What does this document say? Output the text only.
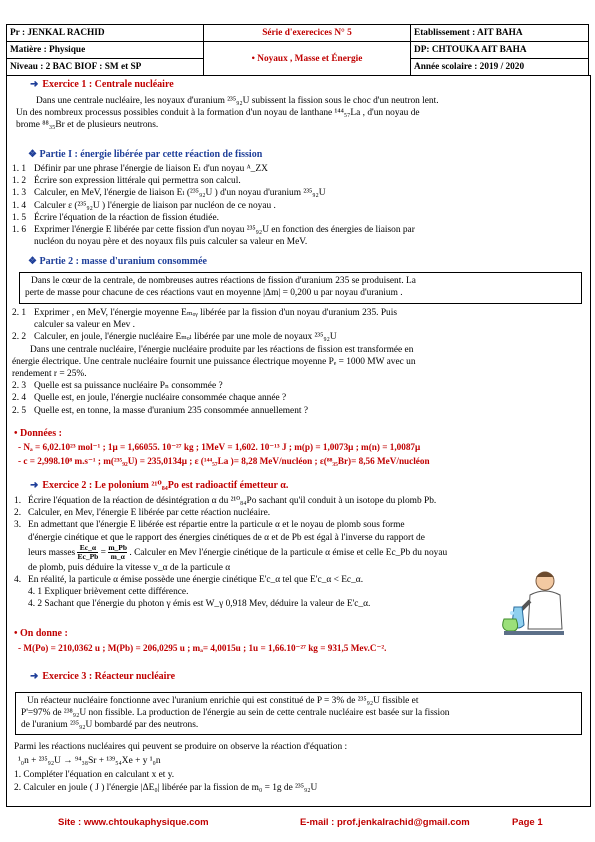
Pr : JENKAL RACHID	Série d'exerecices N° 5	Etablissement : AIT BAHA
Matière : Physique	• Noyaux , Masse et Énergie	DP: CHTOUKA AIT BAHA
Niveau : 2 BAC BIOF : SM et SP		Année scolaire : 2019 / 2020
➜ Exercice 1 : Centrale nucléaire
Dans une centrale nucléaire, les noyaux d'uranium ²³⁵₉₂U subissent la fission sous le choc d'un neutron lent.
Un des nombreux processus possibles conduit à la formation d'un noyau de lanthane ¹⁴⁴₅₇La , d'un noyau de
brome ⁸⁸₃₅Br et de plusieurs neutrons.
❖ Partie I : énergie libérée par cette réaction de fission
1. 1 Définir par une phrase l'énergie de liaison Eₗ d'un noyau ᴬ_ZX
1. 2 Écrire son expression littérale qui permettra son calcul.
1. 3 Calculer, en MeV, l'énergie de liaison Eₗ (²³⁵₉₂U ) d'un noyau d'uranium ²³⁵₉₂U
1. 4 Calculer ε (²³⁵₉₂U ) l'énergie de liaison par nucléon de ce noyau .
1. 5 Écrire l'équation de la réaction de fission étudiée.
1. 6 Exprimer l'énergie E libérée par cette fission d'un noyau ²³⁵₉₂U en fonction des énergies de liaison par
nucléon du noyau père et des noyaux fils puis calculer sa valeur en MeV.
❖ Partie 2 : masse d'uranium consommée
Dans le cœur de la centrale, de nombreuses autres réactions de fission d'uranium 235 se produisent. La
perte de masse pour chacune de ces réactions vaut en moyenne |Δm| = 0,200 u par noyau d'uranium .
2. 1 Exprimer , en MeV, l'énergie moyenne Eₘₒᵧ libérée par la fission d'un noyau d'uranium 235. Puis
calculer sa valeur en Mev .
2. 2 Calculer, en joule, l'énergie nucléaire Eₘₒₗ libérée par une mole de noyaux ²³⁵₉₂U
Dans une centrale nucléaire, l'énergie nucléaire produite par les réactions de fission est transformée en
énergie électrique. Une centrale nucléaire fournit une puissance électrique moyenne Pₑ = 1000 MW avec un
rendement r = 25%.
2. 3 Quelle est sa puissance nucléaire Pₙ consommée ?
2. 4 Quelle est, en joule, l'énergie nucléaire consommée chaque année ?
2. 5 Quelle est, en tonne, la masse d'uranium 235 consommée annuellement ?
• Données :
- Nₐ = 6,02.10²³ mol⁻¹ ; 1μ = 1,66055. 10⁻²⁷ kg ; 1MeV = 1,602. 10⁻¹³ J ; m(p) = 1,0073μ ; m(n) = 1,0087μ
- c = 2,998.10⁸ m.s⁻¹ ; m(²³⁵₉₂U) = 235,0134μ ; ε (¹⁴⁴₅₇La )= 8,28 MeV/nucléon ; ε(⁸⁸₃₅Br)= 8,56 MeV/nucléon
➜ Exercice 2 : Le polonium ²¹⁰₈₄Po est radioactif émetteur α.
1. Écrire l'équation de la réaction de désintégration α du ²¹⁰₈₄Po sachant qu'il conduit à un isotope du plomb Pb.
2. Calculer, en Mev, l'énergie E libérée par cette réaction nucléaire.
3. En admettant que l'énergie E libérée est répartie entre la particule α et le noyau de plomb sous forme
d'énergie cinétique et que le rapport des énergies cinétiques de α et de Pb est égal à l'inverse du rapport de
leurs masses $\frac{Ec\_\alpha}{Ec\_Pb} = \frac{m\_Pb}{m\_\alpha}$ . Calculer en Mev l'énergie cinétique de la particule α émise et celle Ec_Pb du noyau
de plomb, puis déduire la vitesse v_α de la particule α
4. En réalité, la particule α émise possède une énergie cinétique E'c_α tel que E'c_α < Ec_α.
4. 1 Expliquer brièvement cette différence.
4. 2 Sachant que l'énergie du photon γ émis est W_γ 0,918 Mev, déduire la valeur de E'c_α.
• On donne :
- M(Po) = 210,0362 u ; M(Pb) = 206,0295 u ; mₐ= 4,0015u ; 1u = 1,66.10⁻²⁷ kg = 931,5 Mev.C⁻².
➜ Exercice 3 : Réacteur nucléaire
Un réacteur nucléaire fonctionne avec l'uranium enrichie qui est constitué de P = 3% de ²³⁵₉₂U fissible et
P'=97% de ²³⁸₉₂U non fissible. La production de l'énergie au sein de cette centrale nucléaire est basée sur la fission
de l'uranium ²³⁵₉₂U bombardé par des neutrons.
Parmi les réactions nucléaires qui peuvent se produire on observe la réaction d'équation :
¹₀n + ²³⁵₉₂U → ⁹⁴₃₈Sr + ¹³⁹₅₄Xe + y ¹₀n
1. Compléter l'équation en calculant x et y.
2. Calculer en joule ( J ) l'énergie |ΔE₀| libérée par la fission de m₀ = 1g de ²³⁵₉₂U
Site : www.chtoukaphysique.com	E-mail : prof.jenkalrachid@gmail.com	Page 1
